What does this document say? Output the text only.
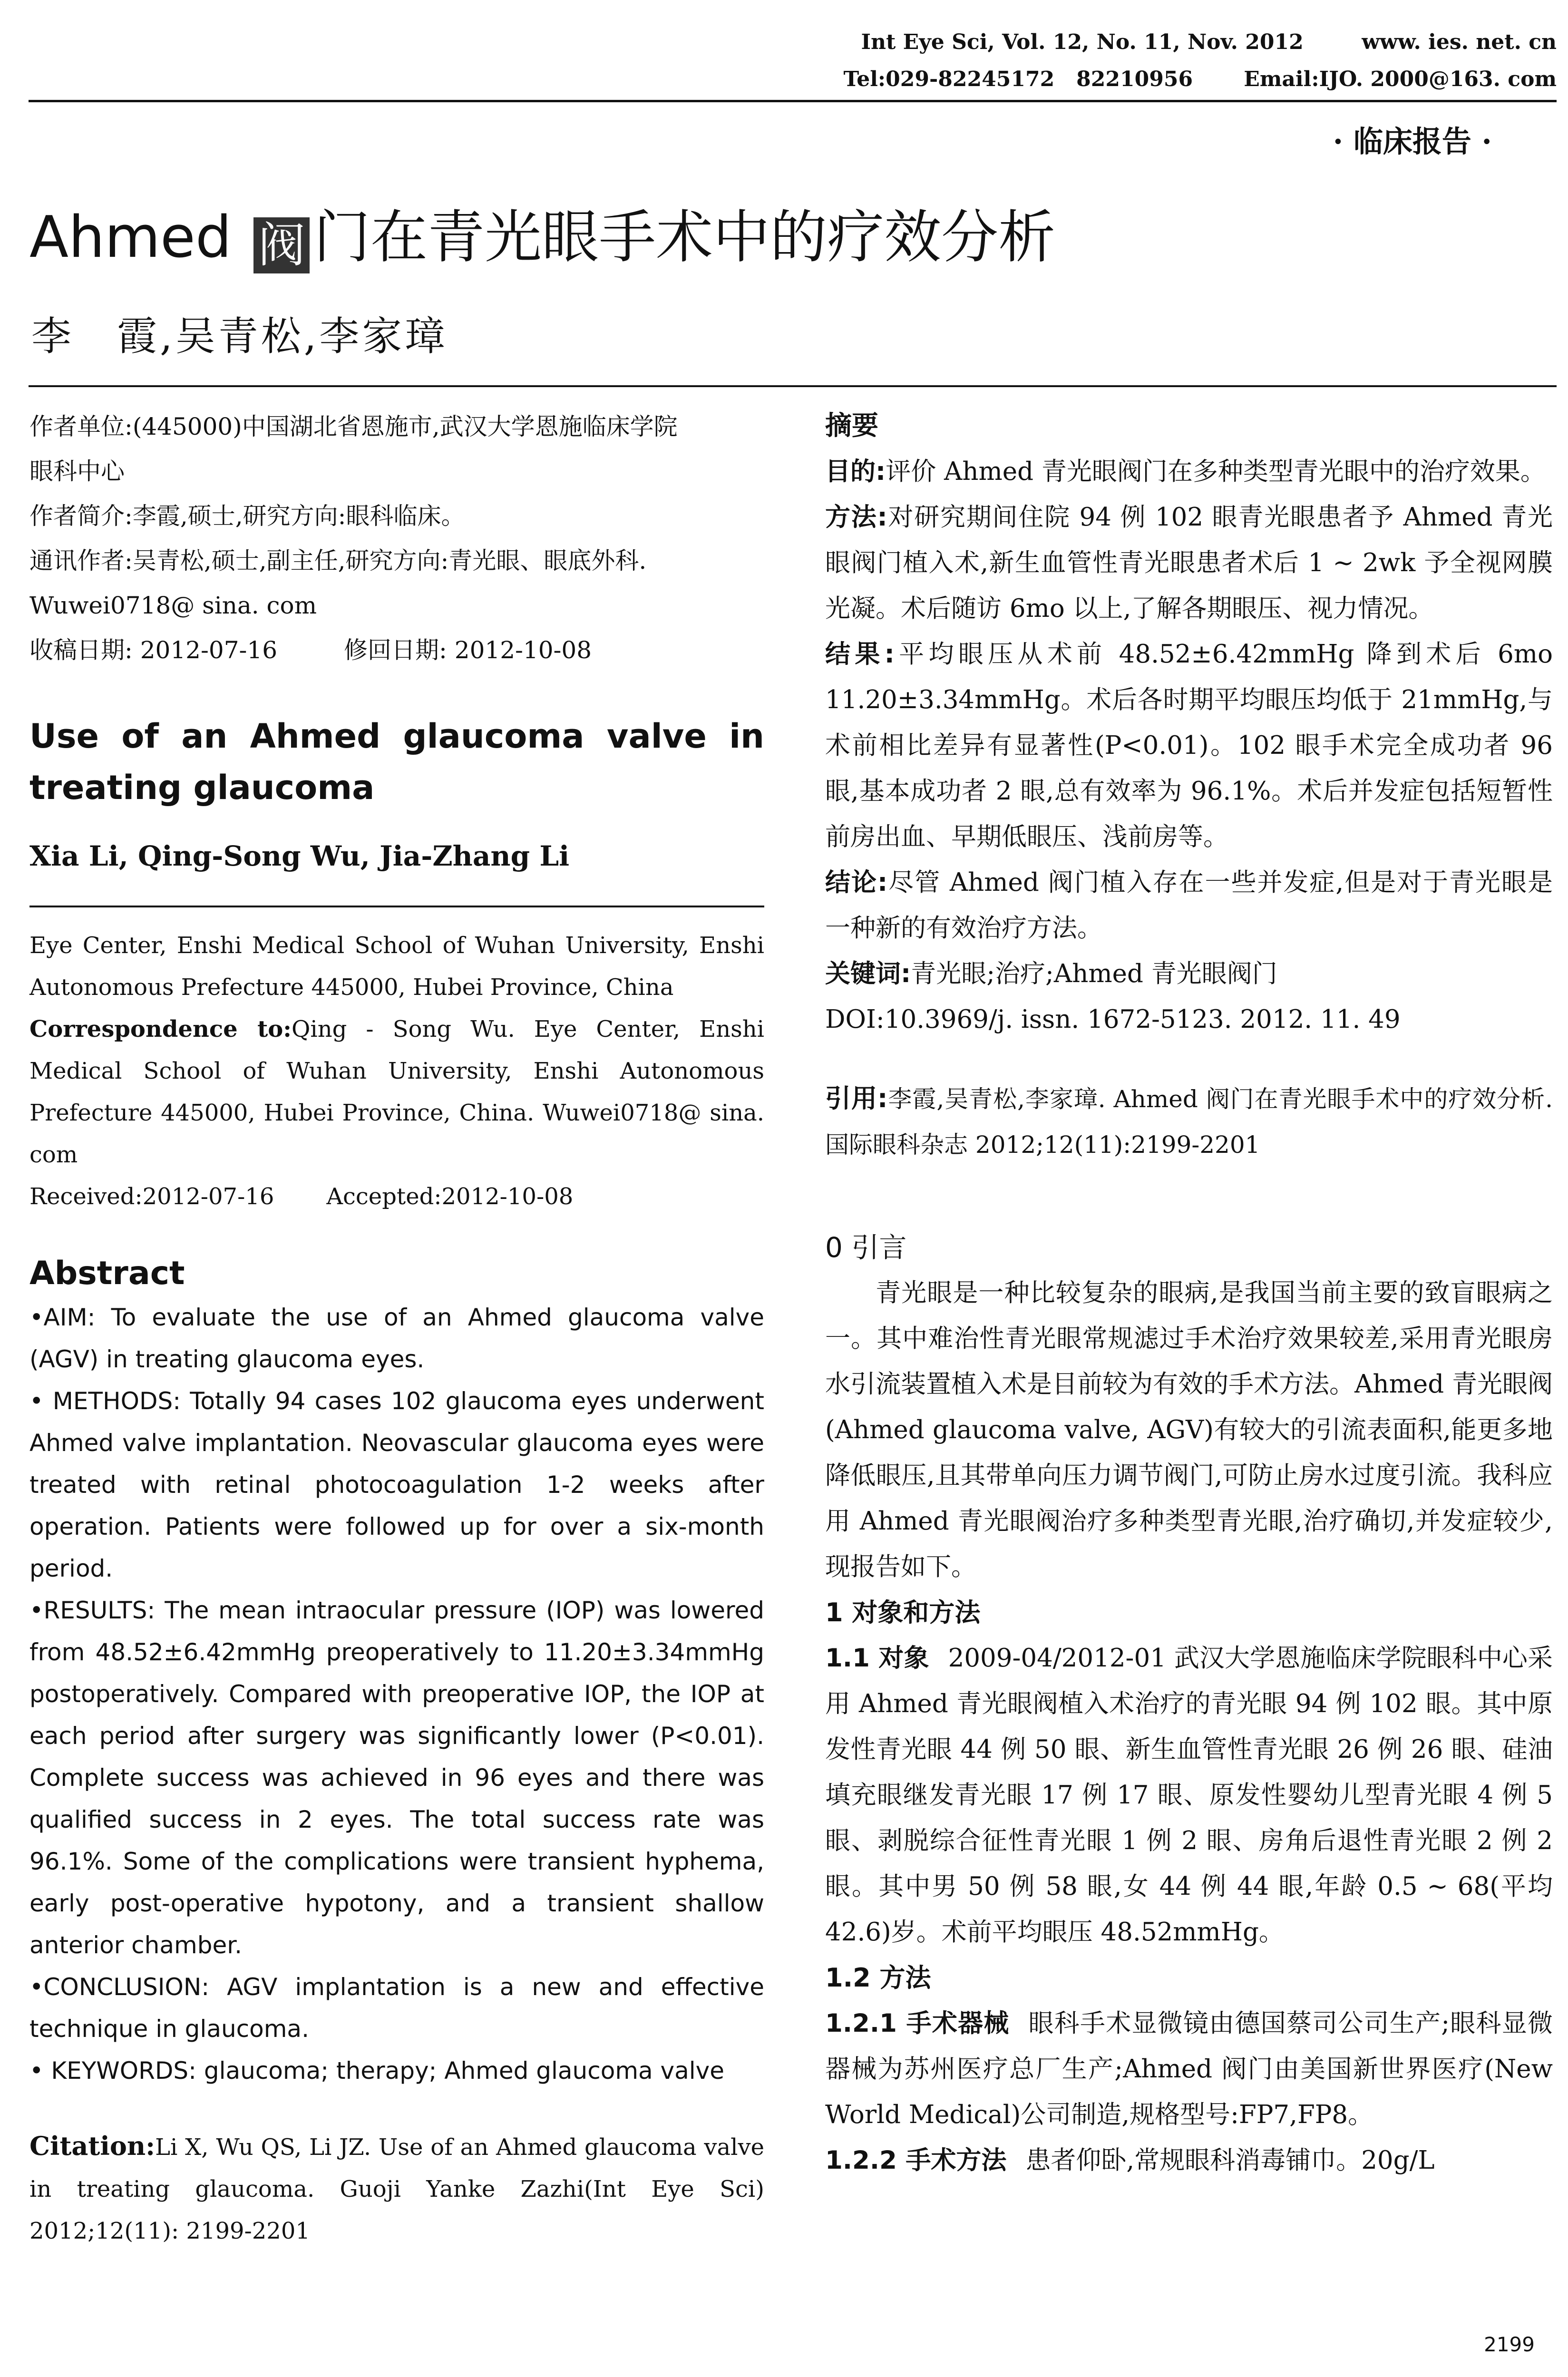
Int Eye Sci, Vol. 12, No. 11, Nov. 2012        www. ies. net. cn
Tel:029-82245172   82210956       Email:IJO. 2000@163. com
· 临床报告 ·
Ahmed 阀 门在青光眼手术中的疗效分析
李　霞,吴青松,李家璋
作者单位:(445000)中国湖北省恩施市,武汉大学恩施临床学院
眼科中心
作者简介:李霞,硕士,研究方向:眼科临床。
通讯作者:吴青松,硕士,副主任,研究方向:青光眼、眼底外科.
Wuwei0718@ sina. com
收稿日期: 2012-07-16	修回日期: 2012-10-08
Use of an Ahmed glaucoma valve in treating glaucoma
Xia Li, Qing-Song Wu, Jia-Zhang Li
Eye Center, Enshi Medical School of Wuhan University, Enshi Autonomous Prefecture 445000, Hubei Province, China
Correspondence to:Qing - Song Wu. Eye Center, Enshi Medical School of Wuhan University, Enshi Autonomous Prefecture 445000, Hubei Province, China. Wuwei0718@ sina. com
Received:2012-07-16 Accepted:2012-10-08
Abstract

•AIM: To evaluate the use of an Ahmed glaucoma valve (AGV) in treating glaucoma eyes.

• METHODS: Totally 94 cases 102 glaucoma eyes underwent Ahmed valve implantation. Neovascular glaucoma eyes were treated with retinal photocoagulation 1-2 weeks after operation. Patients were followed up for over a six-month period.

•RESULTS: The mean intraocular pressure (IOP) was lowered from 48.52±6.42mmHg preoperatively to 11.20±3.34mmHg postoperatively. Compared with preoperative IOP, the IOP at each period after surgery was significantly lower (P<0.01). Complete success was achieved in 96 eyes and there was qualified success in 2 eyes. The total success rate was 96.1%. Some of the complications were transient hyphema, early post-operative hypotony, and a transient shallow anterior chamber.

•CONCLUSION: AGV implantation is a new and effective technique in glaucoma.

• KEYWORDS: glaucoma; therapy; Ahmed glaucoma valve

Citation:Li X, Wu QS, Li JZ. Use of an Ahmed glaucoma valve in treating glaucoma. Guoji Yanke Zazhi(Int Eye Sci) 2012;12(11): 2199-2201
摘要

目的:评价 Ahmed 青光眼阀门在多种类型青光眼中的治疗效果。

方法:对研究期间住院 94 例 102 眼青光眼患者予 Ahmed 青光眼阀门植入术,新生血管性青光眼患者术后 1 ~ 2wk 予全视网膜光凝。术后随访 6mo 以上,了解各期眼压、视力情况。

结果:平均眼压从术前 48.52±6.42mmHg 降到术后 6mo 11.20±3.34mmHg。术后各时期平均眼压均低于 21mmHg,与术前相比差异有显著性(P<0.01)。102 眼手术完全成功者 96 眼,基本成功者 2 眼,总有效率为 96.1%。术后并发症包括短暂性前房出血、早期低眼压、浅前房等。

结论:尽管 Ahmed 阀门植入存在一些并发症,但是对于青光眼是一种新的有效治疗方法。

关键词:青光眼;治疗;Ahmed 青光眼阀门

DOI:10.3969/j. issn. 1672-5123. 2012. 11. 49

引用:李霞,吴青松,李家璋. Ahmed 阀门在青光眼手术中的疗效分析. 国际眼科杂志 2012;12(11):2199-2201
0 引言

青光眼是一种比较复杂的眼病,是我国当前主要的致盲眼病之一。其中难治性青光眼常规滤过手术治疗效果较差,采用青光眼房水引流装置植入术是目前较为有效的手术方法。Ahmed 青光眼阀(Ahmed glaucoma valve, AGV)有较大的引流表面积,能更多地降低眼压,且其带单向压力调节阀门,可防止房水过度引流。我科应用 Ahmed 青光眼阀治疗多种类型青光眼,治疗确切,并发症较少,现报告如下。

1 对象和方法

1.1 对象 2009-04/2012-01 武汉大学恩施临床学院眼科中心采用 Ahmed 青光眼阀植入术治疗的青光眼 94 例 102 眼。其中原发性青光眼 44 例 50 眼、新生血管性青光眼 26 例 26 眼、硅油填充眼继发青光眼 17 例 17 眼、原发性婴幼儿型青光眼 4 例 5 眼、剥脱综合征性青光眼 1 例 2 眼、房角后退性青光眼 2 例 2 眼。其中男 50 例 58 眼,女 44 例 44 眼,年龄 0.5 ~ 68(平均 42.6)岁。术前平均眼压 48.52mmHg。

1.2 方法

1.2.1 手术器械 眼科手术显微镜由德国蔡司公司生产;眼科显微器械为苏州医疗总厂生产;Ahmed 阀门由美国新世界医疗(New World Medical)公司制造,规格型号:FP7,FP8。

1.2.2 手术方法 患者仰卧,常规眼科消毒铺巾。20g/L

2199
